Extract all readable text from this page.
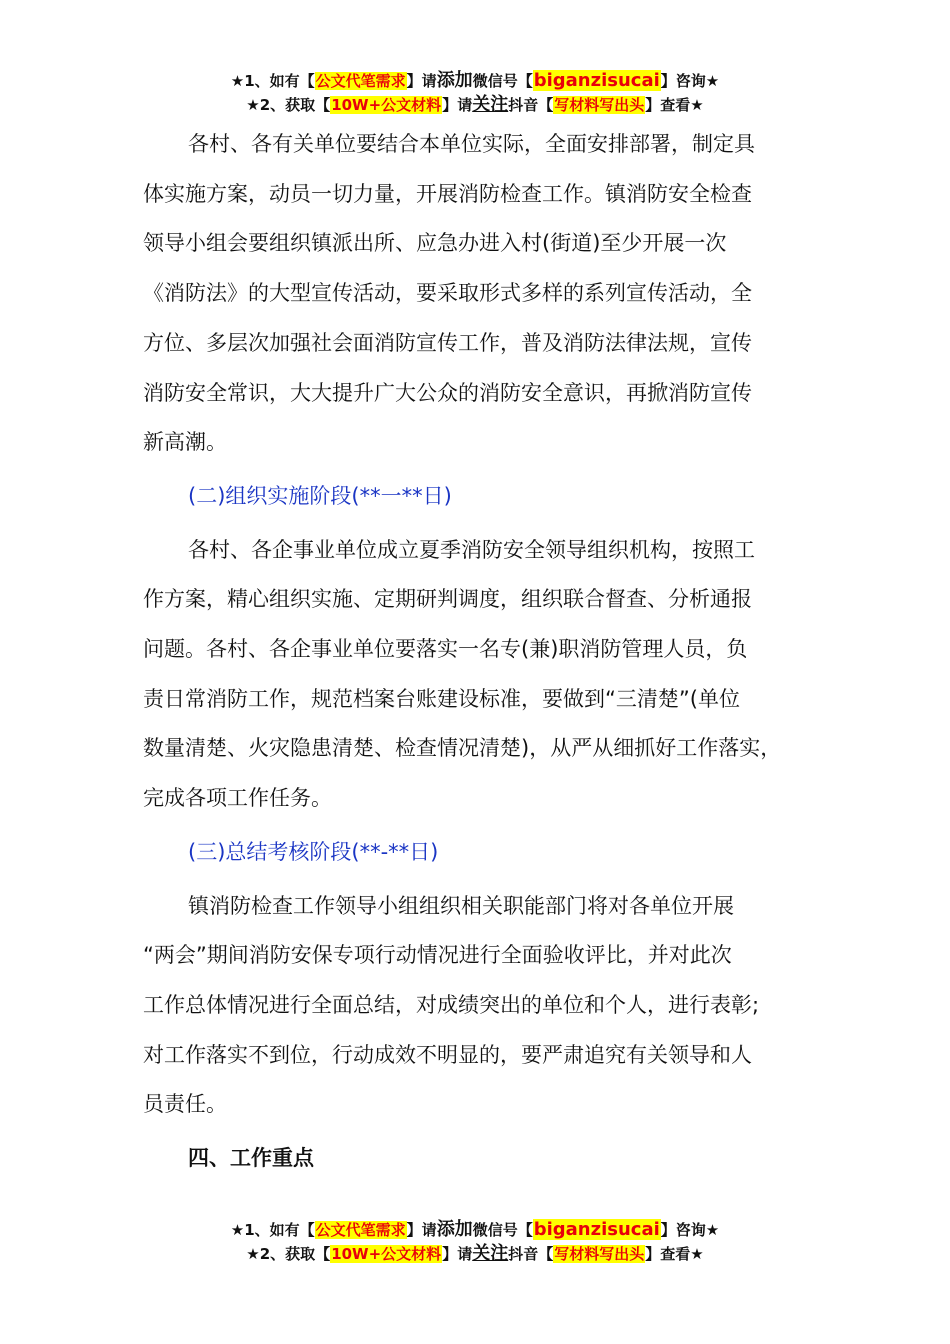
★1、如有【公文代笔需求】请添加微信号【biganzisucai】咨询★
★2、获取【10W+公文材料】请关注抖音【写材料写出头】查看★
各村、各有关单位要结合本单位实际，全面安排部署，制定具
体实施方案，动员一切力量，开展消防检查工作。镇消防安全检查
领导小组会要组织镇派出所、应急办进入村(街道)至少开展一次
《消防法》的大型宣传活动，要采取形式多样的系列宣传活动，全
方位、多层次加强社会面消防宣传工作，普及消防法律法规，宣传
消防安全常识，大大提升广大公众的消防安全意识，再掀消防宣传
新高潮。
(二)组织实施阶段(**一**日)
各村、各企事业单位成立夏季消防安全领导组织机构，按照工
作方案，精心组织实施、定期研判调度，组织联合督查、分析通报
问题。各村、各企事业单位要落实一名专(兼)职消防管理人员，负
责日常消防工作，规范档案台账建设标准，要做到“三清楚”(单位
数量清楚、火灾隐患清楚、检查情况清楚)，从严从细抓好工作落实，
完成各项工作任务。
(三)总结考核阶段(**-**日)
镇消防检查工作领导小组组织相关职能部门将对各单位开展
“两会”期间消防安保专项行动情况进行全面验收评比，并对此次
工作总体情况进行全面总结，对成绩突出的单位和个人，进行表彰;
对工作落实不到位，行动成效不明显的，要严肃追究有关领导和人
员责任。
四、工作重点
★1、如有【公文代笔需求】请添加微信号【biganzisucai】咨询★
★2、获取【10W+公文材料】请关注抖音【写材料写出头】查看★
